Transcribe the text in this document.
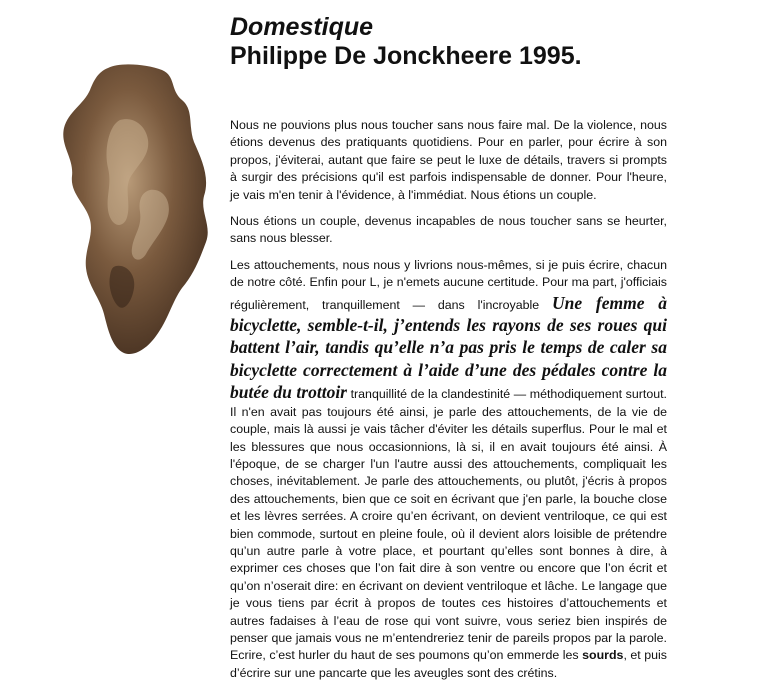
Domestique
Philippe De Jonckheere 1995.

Nous ne pouvions plus nous toucher sans nous faire mal. De la violence, nous étions devenus des pratiquants quotidiens. Pour en parler, pour écrire à son propos, j'éviterai, autant que faire se peut le luxe de détails, travers si prompts à surgir des précisions qu'il est parfois indispensable de donner. Pour l'heure, je vais m'en tenir à l'évidence, à l'immédiat. Nous étions un couple.

Nous étions un couple, devenus incapables de nous toucher sans se heurter, sans nous blesser.

Les attouchements, nous nous y livrions nous-mêmes, si je puis écrire, chacun de notre côté. Enfin pour L, je n'emets aucune certitude. Pour ma part, j'officiais régulièrement, tranquillement — dans l'incroyable Une femme à bicyclette, semble-t-il, j’entends les rayons de ses roues qui battent l’air, tandis qu’elle n’a pas pris le temps de caler sa bicyclette correctement à l’aide d’une des pédales contre la butée du trottoir tranquillité de la clandestinité — méthodiquement surtout. Il n'en avait pas toujours été ainsi, je parle des attouchements, de la vie de couple, mais là aussi je vais tâcher d'éviter les détails superflus. Pour le mal et les blessures que nous occasionnions, là si, il en avait toujours été ainsi. À l'époque, de se charger l'un l'autre aussi des attouchements, compliquait les choses, inévitablement. Je parle des attouchements, ou plutôt, j'écris à propos des attouchements, bien que ce soit en écrivant que j'en parle, la bouche close et les lèvres serrées. A croire qu’en écrivant, on devient ventriloque, ce qui est bien commode, surtout en pleine foule, où il devient alors loisible de prétendre qu’un autre parle à votre place, et pourtant qu’elles sont bonnes à dire, à exprimer ces choses que l’on fait dire à son ventre ou encore que l’on écrit et qu’on n’oserait dire: en écrivant on devient ventriloque et lâche. Le langage que je vous tiens par écrit à propos de toutes ces histoires d’attouchements et autres fadaises à l’eau de rose qui vont suivre, vous seriez bien inspirés de penser que jamais vous ne m’entendreriez tenir de pareils propos par la parole. Ecrire, c’est hurler du haut de ses poumons qu’on emmerde les sourds, et puis d’écrire sur une pancarte que les aveugles sont des crétins.
